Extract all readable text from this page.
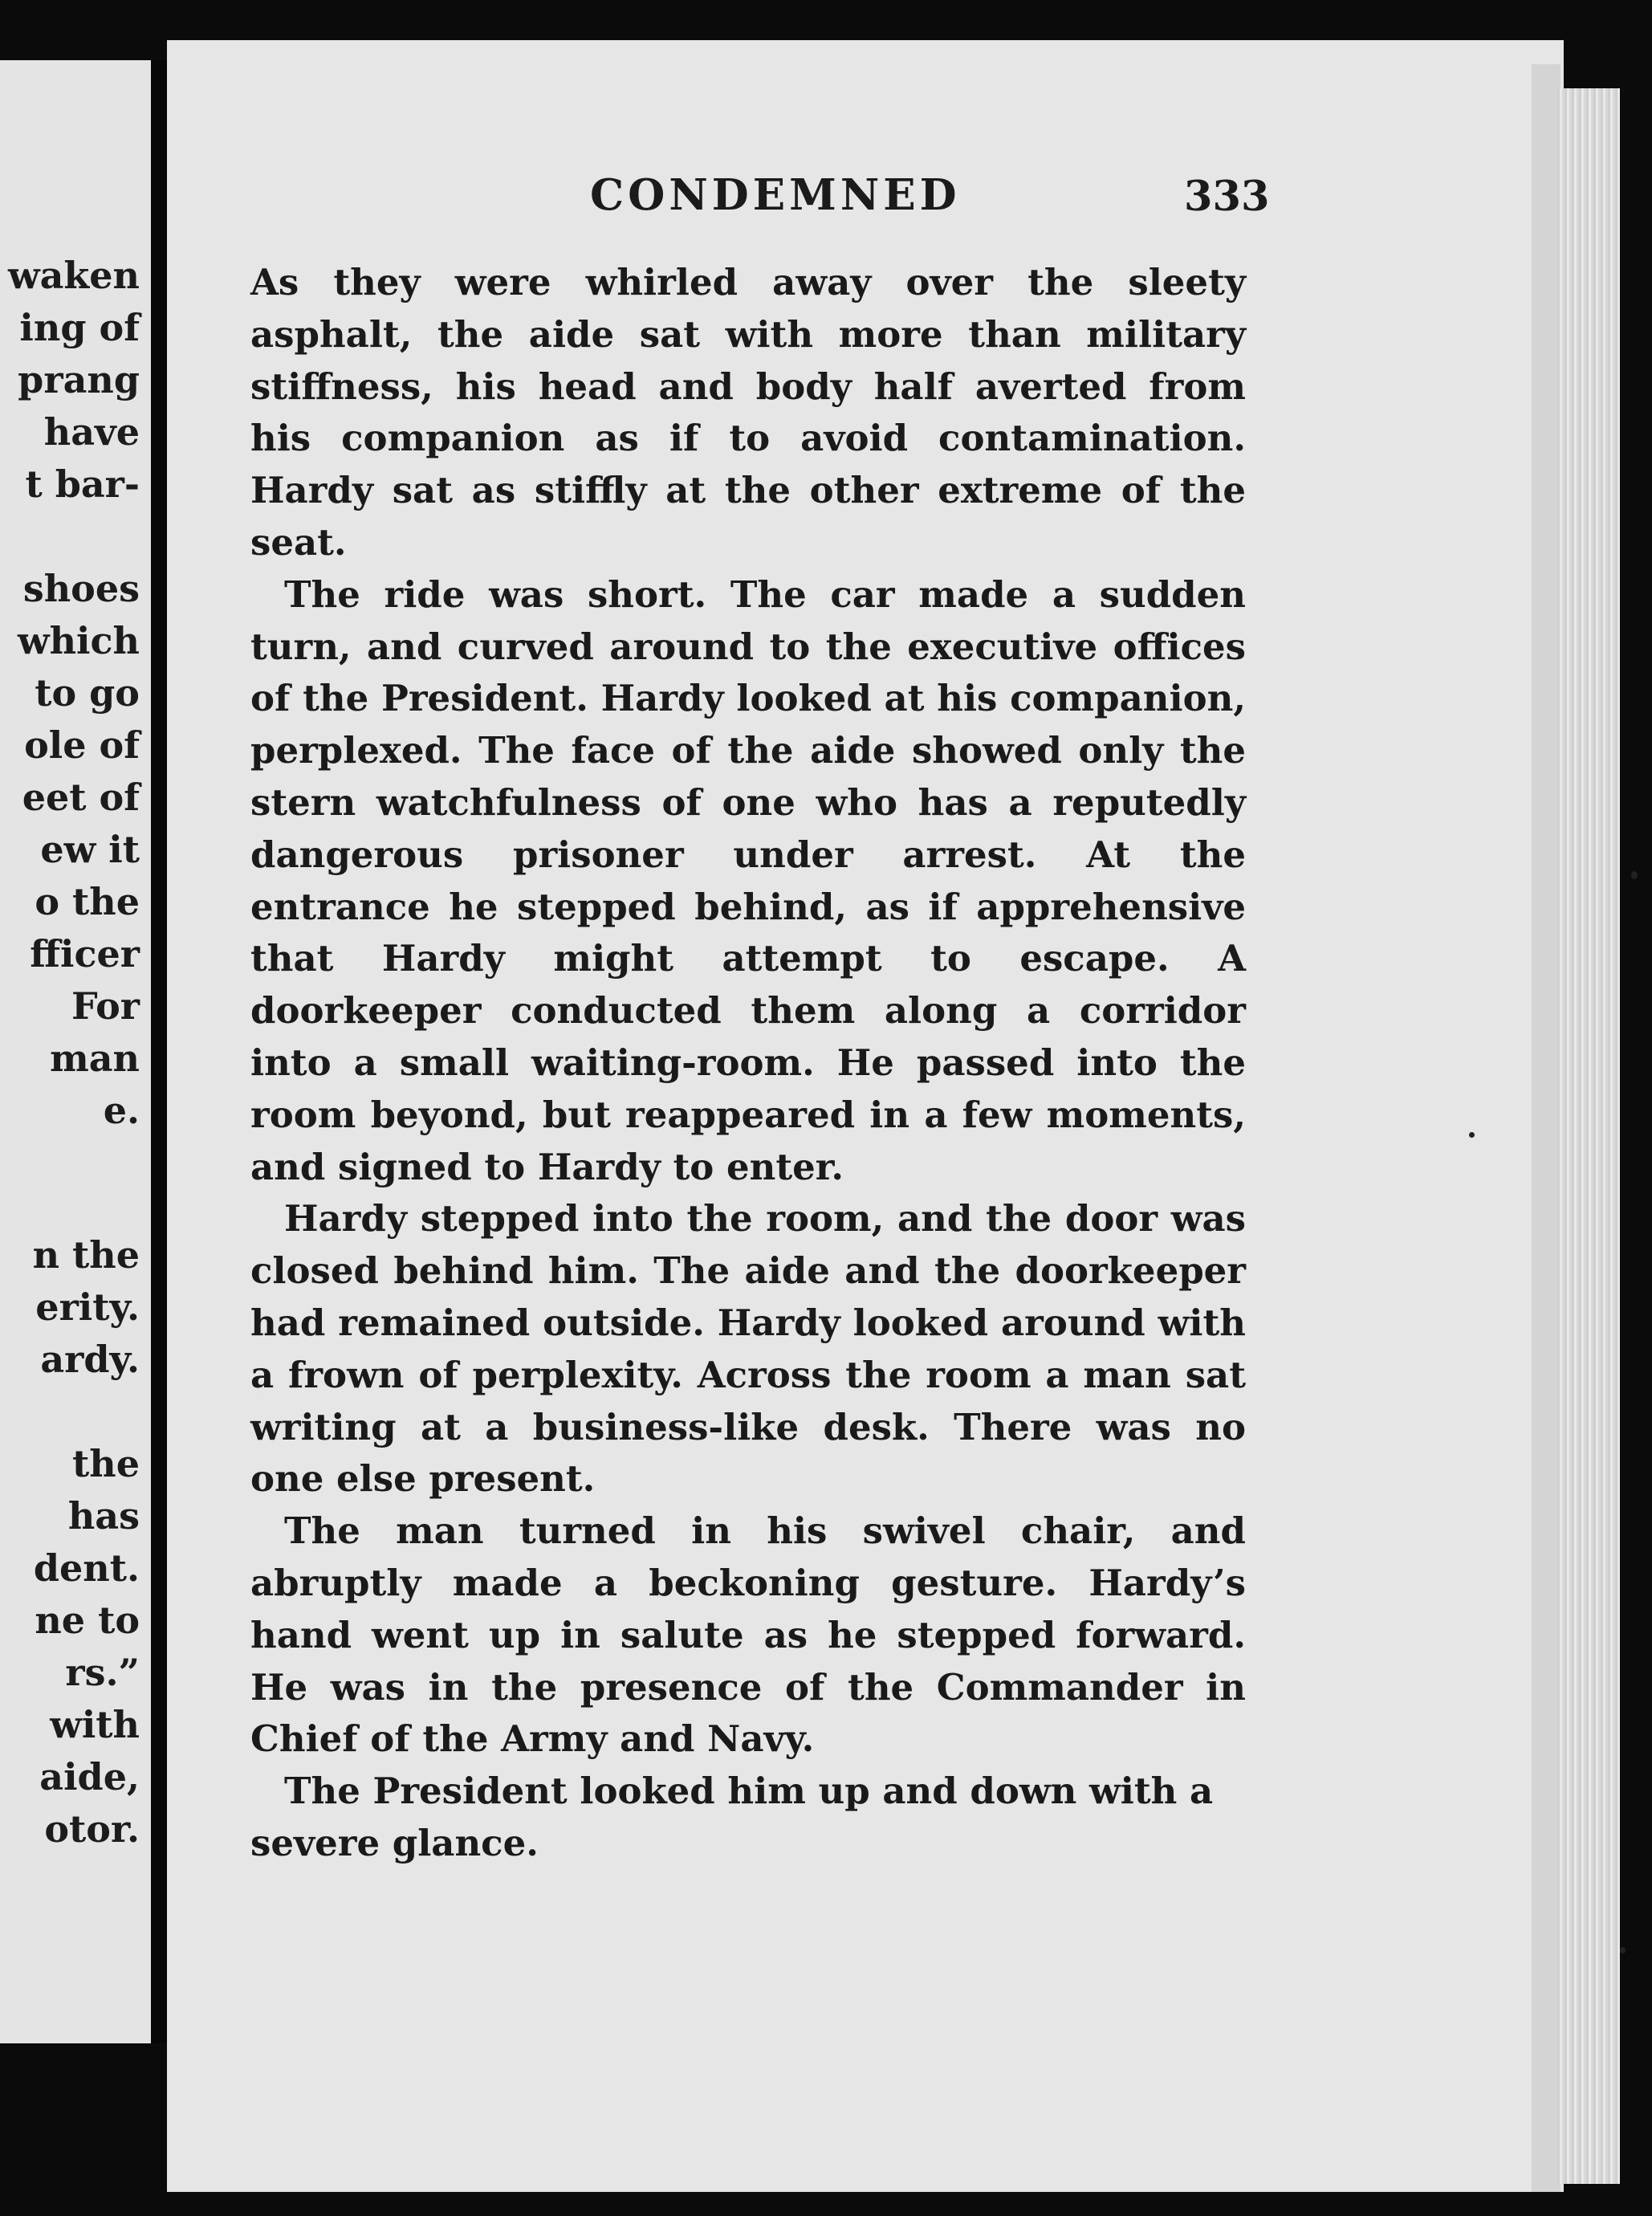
waken
ing of
prang
have
t bar-
shoes
which
to go
ole of
eet of
ew it
o the
fficer
For
man
e.
n the
erity.
ardy.
the
has
dent.
ne to
rs.”
with
aide,
otor.
CONDEMNED	333

As they were whirled away over the sleety asphalt, the aide sat with more than military stiffness, his head and body half averted from his companion as if to avoid contamination. Hardy sat as stiffly at the other extreme of the seat.

The ride was short. The car made a sudden turn, and curved around to the executive offices of the President. Hardy looked at his companion, perplexed. The face of the aide showed only the stern watchfulness of one who has a reputedly dangerous prisoner under arrest. At the entrance he stepped behind, as if apprehensive that Hardy might attempt to escape. A doorkeeper conducted them along a corridor into a small waiting-room. He passed into the room beyond, but reappeared in a few moments, and signed to Hardy to enter.

Hardy stepped into the room, and the door was closed behind him. The aide and the doorkeeper had remained outside. Hardy looked around with a frown of perplexity. Across the room a man sat writing at a business-like desk. There was no one else present.

The man turned in his swivel chair, and abruptly made a beckoning gesture. Hardy’s hand went up in salute as he stepped forward. He was in the presence of the Commander in Chief of the Army and Navy.

The President looked him up and down with a severe glance.
